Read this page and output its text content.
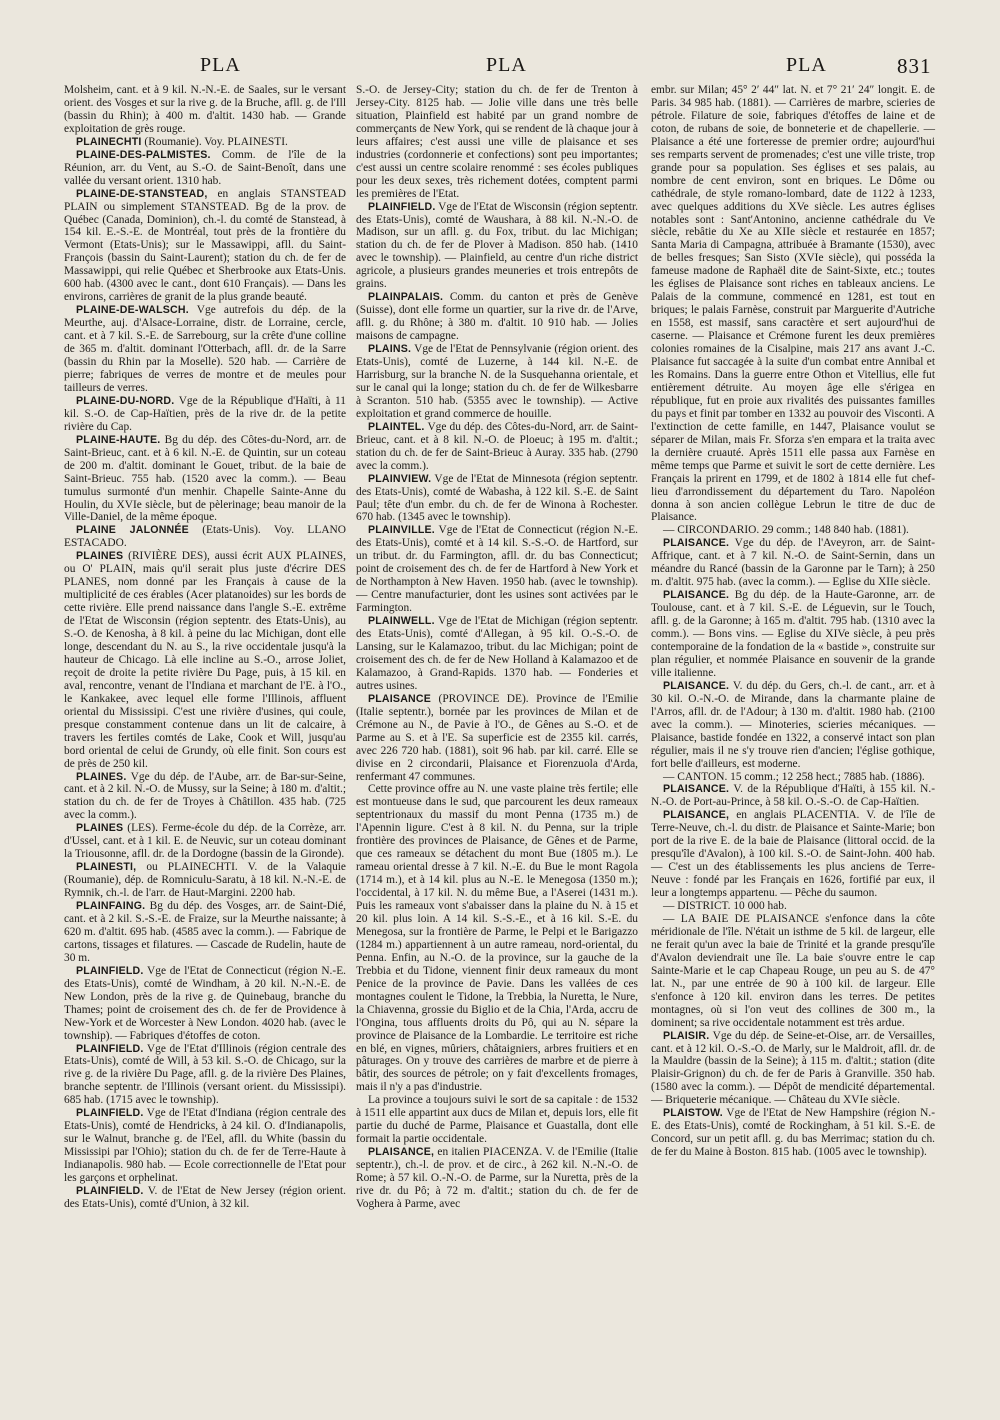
PLA	PLA	PLA	831

Molsheim, cant. et à 9 kil. N.-N.-E. de Saales, sur le versant orient. des Vosges et sur la rive g. de la Bruche, afll. g. de l'Ill (bassin du Rhin); à 400 m. d'altit. 1430 hab. — Grande exploitation de grès rouge.

PLAINECHTI (Roumanie). Voy. PLAINESTI.

PLAINE-DES-PALMISTES. Comm. de l'île de la Réunion, arr. du Vent, au S.-O. de Saint-Benoît, dans une vallée du versant orient. 1310 hab.

PLAINE-DE-STANSTEAD, en anglais STANSTEAD PLAIN ou simplement STANSTEAD. Bg de la prov. de Québec (Canada, Dominion), ch.-l. du comté de Stanstead, à 154 kil. E.-S.-E. de Montréal, tout près de la frontière du Vermont (Etats-Unis); sur le Massawippi, afll. du Saint-François (bassin du Saint-Laurent); station du ch. de fer de Massawippi, qui relie Québec et Sherbrooke aux Etats-Unis. 600 hab. (4300 avec le cant., dont 610 Français). — Dans les environs, carrières de granit de la plus grande beauté.

PLAINE-DE-WALSCH. Vge autrefois du dép. de la Meurthe, auj. d'Alsace-Lorraine, distr. de Lorraine, cercle, cant. et à 7 kil. S.-E. de Sarrebourg, sur la crête d'une colline de 365 m. d'altit. dominant l'Otterbach, afll. dr. de la Sarre (bassin du Rhin par la Moselle). 520 hab. — Carrière de pierre; fabriques de verres de montre et de meules pour tailleurs de verres.

PLAINE-DU-NORD. Vge de la République d'Haïti, à 11 kil. S.-O. de Cap-Haïtien, près de la rive dr. de la petite rivière du Cap.

PLAINE-HAUTE. Bg du dép. des Côtes-du-Nord, arr. de Saint-Brieuc, cant. et à 6 kil. N.-E. de Quintin, sur un coteau de 200 m. d'altit. dominant le Gouet, tribut. de la baie de Saint-Brieuc. 755 hab. (1520 avec la comm.). — Beau tumulus surmonté d'un menhir. Chapelle Sainte-Anne du Houlin, du XVIe siècle, but de pèlerinage; beau manoir de la Ville-Daniel, de la même époque.

PLAINE JALONNÉE (Etats-Unis). Voy. LLANO ESTACADO.

PLAINES (RIVIÈRE DES), aussi écrit AUX PLAINES, ou O' PLAIN, mais qu'il serait plus juste d'écrire DES PLANES, nom donné par les Français à cause de la multiplicité de ces érables (Acer platanoides) sur les bords de cette rivière. Elle prend naissance dans l'angle S.-E. extrême de l'Etat de Wisconsin (région septentr. des Etats-Unis), au S.-O. de Kenosha, à 8 kil. à peine du lac Michigan, dont elle longe, descendant du N. au S., la rive occidentale jusqu'à la hauteur de Chicago. Là elle incline au S.-O., arrose Joliet, reçoit de droite la petite rivière Du Page, puis, à 15 kil. en aval, rencontre, venant de l'Indiana et marchant de l'E. à l'O., le Kankakee, avec lequel elle forme l'Illinois, affluent oriental du Mississipi. C'est une rivière d'usines, qui coule, presque constamment contenue dans un lit de calcaire, à travers les fertiles comtés de Lake, Cook et Will, jusqu'au bord oriental de celui de Grundy, où elle finit. Son cours est de près de 250 kil.

PLAINES. Vge du dép. de l'Aube, arr. de Bar-sur-Seine, cant. et à 2 kil. N.-O. de Mussy, sur la Seine; à 180 m. d'altit.; station du ch. de fer de Troyes à Châtillon. 435 hab. (725 avec la comm.).

PLAINES (LES). Ferme-école du dép. de la Corrèze, arr. d'Ussel, cant. et à 1 kil. E. de Neuvic, sur un coteau dominant la Triousonne, afll. dr. de la Dordogne (bassin de la Gironde).

PLAINESTI, ou PLAINECHTI. V. de la Valaquie (Roumanie), dép. de Romniculu-Saratu, à 18 kil. N.-N.-E. de Rymnik, ch.-l. de l'arr. de Haut-Margini. 2200 hab.

PLAINFAING. Bg du dép. des Vosges, arr. de Saint-Dié, cant. et à 2 kil. S.-S.-E. de Fraize, sur la Meurthe naissante; à 620 m. d'altit. 695 hab. (4585 avec la comm.). — Fabrique de cartons, tissages et filatures. — Cascade de Rudelin, haute de 30 m.

PLAINFIELD. Vge de l'Etat de Connecticut (région N.-E. des Etats-Unis), comté de Windham, à 20 kil. N.-N.-E. de New London, près de la rive g. de Quinebaug, branche du Thames; point de croisement des ch. de fer de Providence à New-York et de Worcester à New London. 4020 hab. (avec le township). — Fabriques d'étoffes de coton.

PLAINFIELD. Vge de l'Etat d'Illinois (région centrale des Etats-Unis), comté de Will, à 53 kil. S.-O. de Chicago, sur la rive g. de la rivière Du Page, afll. g. de la rivière Des Plaines, branche septentr. de l'Illinois (versant orient. du Mississipi). 685 hab. (1715 avec le township).

PLAINFIELD. Vge de l'Etat d'Indiana (région centrale des Etats-Unis), comté de Hendricks, à 24 kil. O. d'Indianapolis, sur le Walnut, branche g. de l'Eel, afll. du White (bassin du Mississipi par l'Ohio); station du ch. de fer de Terre-Haute à Indianapolis. 980 hab. — Ecole correctionnelle de l'Etat pour les garçons et orphelinat.

PLAINFIELD. V. de l'Etat de New Jersey (région orient. des Etats-Unis), comté d'Union, à 32 kil.

S.-O. de Jersey-City; station du ch. de fer de Trenton à Jersey-City. 8125 hab. — Jolie ville dans une très belle situation, Plainfield est habité par un grand nombre de commerçants de New York, qui se rendent de là chaque jour à leurs affaires; c'est aussi une ville de plaisance et ses industries (cordonnerie et confections) sont peu importantes; c'est aussi un centre scolaire renommé : ses écoles publiques pour les deux sexes, très richement dotées, comptent parmi les premières de l'Etat.

PLAINFIELD. Vge de l'Etat de Wisconsin (région septentr. des Etats-Unis), comté de Waushara, à 88 kil. N.-N.-O. de Madison, sur un afll. g. du Fox, tribut. du lac Michigan; station du ch. de fer de Plover à Madison. 850 hab. (1410 avec le township). — Plainfield, au centre d'un riche district agricole, a plusieurs grandes meuneries et trois entrepôts de grains.

PLAINPALAIS. Comm. du canton et près de Genève (Suisse), dont elle forme un quartier, sur la rive dr. de l'Arve, afll. g. du Rhône; à 380 m. d'altit. 10 910 hab. — Jolies maisons de campagne.

PLAINS. Vge de l'Etat de Pennsylvanie (région orient. des Etats-Unis), comté de Luzerne, à 144 kil. N.-E. de Harrisburg, sur la branche N. de la Susquehanna orientale, et sur le canal qui la longe; station du ch. de fer de Wilkesbarre à Scranton. 510 hab. (5355 avec le township). — Active exploitation et grand commerce de houille.

PLAINTEL. Vge du dép. des Côtes-du-Nord, arr. de Saint-Brieuc, cant. et à 8 kil. N.-O. de Ploeuc; à 195 m. d'altit.; station du ch. de fer de Saint-Brieuc à Auray. 335 hab. (2790 avec la comm.).

PLAINVIEW. Vge de l'Etat de Minnesota (région septentr. des Etats-Unis), comté de Wabasha, à 122 kil. S.-E. de Saint Paul; tête d'un embr. du ch. de fer de Winona à Rochester. 670 hab. (1345 avec le township).

PLAINVILLE. Vge de l'Etat de Connecticut (région N.-E. des Etats-Unis), comté et à 14 kil. S.-S.-O. de Hartford, sur un tribut. dr. du Farmington, afll. dr. du bas Connecticut; point de croisement des ch. de fer de Hartford à New York et de Northampton à New Haven. 1950 hab. (avec le township). — Centre manufacturier, dont les usines sont activées par le Farmington.

PLAINWELL. Vge de l'Etat de Michigan (région septentr. des Etats-Unis), comté d'Allegan, à 95 kil. O.-S.-O. de Lansing, sur le Kalamazoo, tribut. du lac Michigan; point de croisement des ch. de fer de New Holland à Kalamazoo et de Kalamazoo, à Grand-Rapids. 1370 hab. — Fonderies et autres usines.

PLAISANCE (PROVINCE DE). Province de l'Emilie (Italie septentr.), bornée par les provinces de Milan et de Crémone au N., de Pavie à l'O., de Gênes au S.-O. et de Parme au S. et à l'E. Sa superficie est de 2355 kil. carrés, avec 226 720 hab. (1881), soit 96 hab. par kil. carré. Elle se divise en 2 circondarii, Plaisance et Fiorenzuola d'Arda, renfermant 47 communes.

Cette province offre au N. une vaste plaine très fertile; elle est montueuse dans le sud, que parcourent les deux rameaux septentrionaux du massif du mont Penna (1735 m.) de l'Apennin ligure. C'est à 8 kil. N. du Penna, sur la triple frontière des provinces de Plaisance, de Gênes et de Parme, que ces rameaux se détachent du mont Bue (1805 m.). Le rameau oriental dresse à 7 kil. N.-E. du Bue le mont Ragola (1714 m.), et à 14 kil. plus au N.-E. le Menegosa (1350 m.); l'occidental, à 17 kil. N. du même Bue, a l'Aserei (1431 m.). Puis les rameaux vont s'abaisser dans la plaine du N. à 15 et 20 kil. plus loin. A 14 kil. S.-S.-E., et à 16 kil. S.-E. du Menegosa, sur la frontière de Parme, le Pelpi et le Barigazzo (1284 m.) appartiennent à un autre rameau, nord-oriental, du Penna. Enfin, au N.-O. de la province, sur la gauche de la Trebbia et du Tidone, viennent finir deux rameaux du mont Penice de la province de Pavie. Dans les vallées de ces montagnes coulent le Tidone, la Trebbia, la Nuretta, le Nure, la Chiavenna, grossie du Biglio et de la Chia, l'Arda, accru de l'Ongina, tous affluents droits du Pô, qui au N. sépare la province de Plaisance de la Lombardie. Le territoire est riche en blé, en vignes, mûriers, châtaigniers, arbres fruitiers et en pâturages. On y trouve des carrières de marbre et de pierre à bâtir, des sources de pétrole; on y fait d'excellents fromages, mais il n'y a pas d'industrie.

La province a toujours suivi le sort de sa capitale : de 1532 à 1511 elle appartint aux ducs de Milan et, depuis lors, elle fit partie du duché de Parme, Plaisance et Guastalla, dont elle formait la partie occidentale.

PLAISANCE, en italien PIACENZA. V. de l'Emilie (Italie septentr.), ch.-l. de prov. et de circ., à 262 kil. N.-N.-O. de Rome; à 57 kil. O.-N.-O. de Parme, sur la Nuretta, près de la rive dr. du Pô; à 72 m. d'altit.; station du ch. de fer de Voghera à Parme, avec

embr. sur Milan; 45° 2′ 44″ lat. N. et 7° 21′ 24″ longit. E. de Paris. 34 985 hab. (1881). — Carrières de marbre, scieries de pétrole. Filature de soie, fabriques d'étoffes de laine et de coton, de rubans de soie, de bonneterie et de chapellerie. — Plaisance a été une forteresse de premier ordre; aujourd'hui ses remparts servent de promenades; c'est une ville triste, trop grande pour sa population. Ses églises et ses palais, au nombre de cent environ, sont en briques. Le Dôme ou cathédrale, de style romano-lombard, date de 1122 à 1233, avec quelques additions du XVe siècle. Les autres églises notables sont : Sant'Antonino, ancienne cathédrale du Ve siècle, rebâtie du Xe au XIIe siècle et restaurée en 1857; Santa Maria di Campagna, attribuée à Bramante (1530), avec de belles fresques; San Sisto (XVIe siècle), qui posséda la fameuse madone de Raphaël dite de Saint-Sixte, etc.; toutes les églises de Plaisance sont riches en tableaux anciens. Le Palais de la commune, commencé en 1281, est tout en briques; le palais Farnèse, construit par Marguerite d'Autriche en 1558, est massif, sans caractère et sert aujourd'hui de caserne. — Plaisance et Crémone furent les deux premières colonies romaines de la Cisalpine, mais 217 ans avant J.-C. Plaisance fut saccagée à la suite d'un combat entre Annibal et les Romains. Dans la guerre entre Othon et Vitellius, elle fut entièrement détruite. Au moyen âge elle s'érigea en république, fut en proie aux rivalités des puissantes familles du pays et finit par tomber en 1332 au pouvoir des Visconti. A l'extinction de cette famille, en 1447, Plaisance voulut se séparer de Milan, mais Fr. Sforza s'en empara et la traita avec la dernière cruauté. Après 1511 elle passa aux Farnèse en même temps que Parme et suivit le sort de cette dernière. Les Français la prirent en 1799, et de 1802 à 1814 elle fut chef-lieu d'arrondissement du département du Taro. Napoléon donna à son ancien collègue Lebrun le titre de duc de Plaisance.

— CIRCONDARIO. 29 comm.; 148 840 hab. (1881).

PLAISANCE. Vge du dép. de l'Aveyron, arr. de Saint-Affrique, cant. et à 7 kil. N.-O. de Saint-Sernin, dans un méandre du Rancé (bassin de la Garonne par le Tarn); à 250 m. d'altit. 975 hab. (avec la comm.). — Eglise du XIIe siècle.

PLAISANCE. Bg du dép. de la Haute-Garonne, arr. de Toulouse, cant. et à 7 kil. S.-E. de Léguevin, sur le Touch, afll. g. de la Garonne; à 165 m. d'altit. 795 hab. (1310 avec la comm.). — Bons vins. — Eglise du XIVe siècle, à peu près contemporaine de la fondation de la « bastide », construite sur plan régulier, et nommée Plaisance en souvenir de la grande ville italienne.

PLAISANCE. V. du dép. du Gers, ch.-l. de cant., arr. et à 30 kil. O.-N.-O. de Mirande, dans la charmante plaine de l'Arros, afll. dr. de l'Adour; à 130 m. d'altit. 1980 hab. (2100 avec la comm.). — Minoteries, scieries mécaniques. — Plaisance, bastide fondée en 1322, a conservé intact son plan régulier, mais il ne s'y trouve rien d'ancien; l'église gothique, fort belle d'ailleurs, est moderne.

— CANTON. 15 comm.; 12 258 hect.; 7885 hab. (1886).

PLAISANCE. V. de la République d'Haïti, à 155 kil. N.-N.-O. de Port-au-Prince, à 58 kil. O.-S.-O. de Cap-Haïtien.

PLAISANCE, en anglais PLACENTIA. V. de l'île de Terre-Neuve, ch.-l. du distr. de Plaisance et Sainte-Marie; bon port de la rive E. de la baie de Plaisance (littoral occid. de la presqu'île d'Avalon), à 100 kil. S.-O. de Saint-John. 400 hab. — C'est un des établissements les plus anciens de Terre-Neuve : fondé par les Français en 1626, fortifié par eux, il leur a longtemps appartenu. — Pêche du saumon.

— DISTRICT. 10 000 hab.

— LA BAIE DE PLAISANCE s'enfonce dans la côte méridionale de l'île. N'était un isthme de 5 kil. de largeur, elle ne ferait qu'un avec la baie de Trinité et la grande presqu'île d'Avalon deviendrait une île. La baie s'ouvre entre le cap Sainte-Marie et le cap Chapeau Rouge, un peu au S. de 47° lat. N., par une entrée de 90 à 100 kil. de largeur. Elle s'enfonce à 120 kil. environ dans les terres. De petites montagnes, où si l'on veut des collines de 300 m., la dominent; sa rive occidentale notamment est très ardue.

PLAISIR. Vge du dép. de Seine-et-Oise, arr. de Versailles, cant. et à 12 kil. O.-S.-O. de Marly, sur le Maldroit, afll. dr. de la Mauldre (bassin de la Seine); à 115 m. d'altit.; station (dite Plaisir-Grignon) du ch. de fer de Paris à Granville. 350 hab. (1580 avec la comm.). — Dépôt de mendicité départemental. — Briqueterie mécanique. — Château du XVIe siècle.

PLAISTOW. Vge de l'Etat de New Hampshire (région N.-E. des Etats-Unis), comté de Rockingham, à 51 kil. S.-E. de Concord, sur un petit afll. g. du bas Merrimac; station du ch. de fer du Maine à Boston. 815 hab. (1005 avec le township).
